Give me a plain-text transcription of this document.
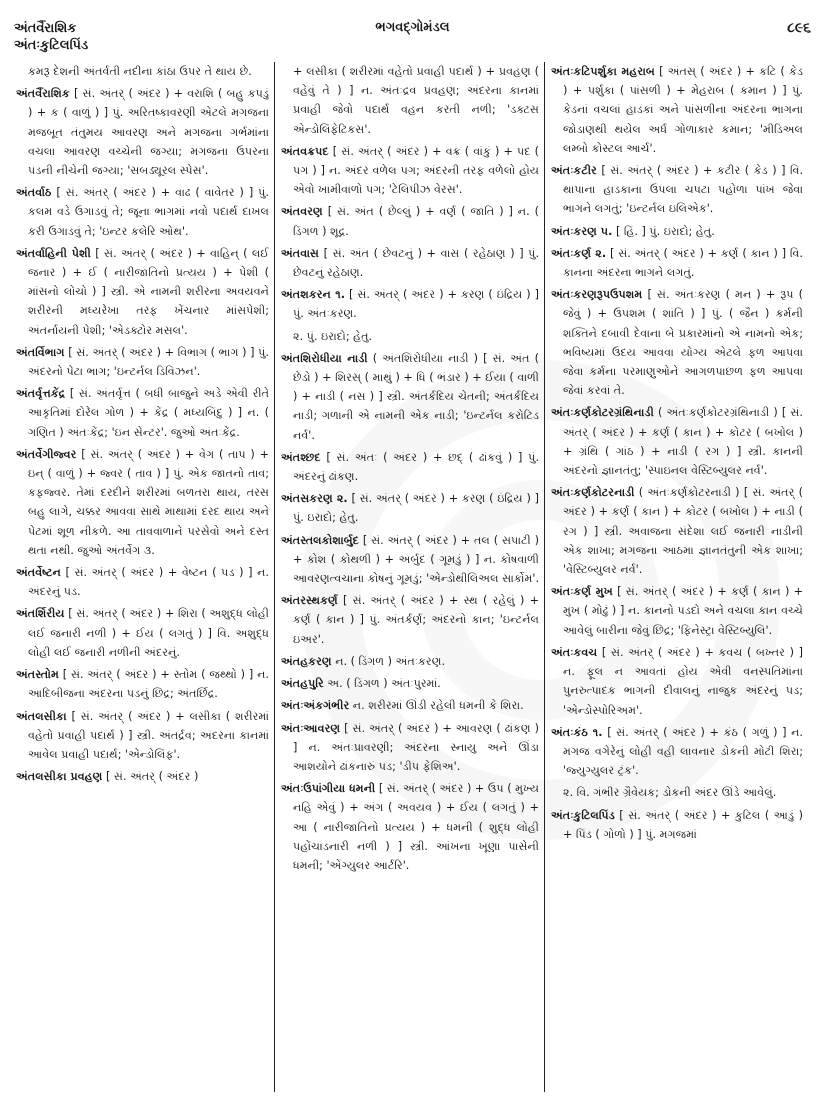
અંતર્વૈરાશિક
અંતઃકુટિલપિંડ
ભગવદ્ગોમંડલ	૮૯૬

કમરૂ દેશની અંતર્વતી નદીના કાંઠા ઉપર તે થાય છે.

અંતર્વૈરાશિક [ સં. અંતર્ ( અંદર ) + વરાશિ ( બહુ કપડું ) + ક ( વાળું ) ] પું. અરિતષ્કાવરણી એટલે મગજના મજબૂત તંતુમય આવરણ અને મગજના ગર્ભમાંના વચલા આવરણ વચ્ચેની જગ્યા; મગજના ઉપરના પડની નીચેની જગ્યા; 'સબડ્યૂરલ સ્પેસ'.

અંતર્વાઠ [ સં. અંતર્ ( અંદર ) + વાઢ ( વાવેતર ) ] પું. કલમ વડે ઉગાડવું તે; જૂના ભાગમાં નવો પદાર્થ દાખલ કરી ઉગાડવું તે; 'ઇન્ટર કલેરિ ઓથ'.

અંતર્વાહિની પેશી [ સં. અંતર્ ( અંદર ) + વાહિન્ ( લઈ જનાર ) + ઈ ( નારીજાતિનો પ્રત્યય ) + પેશી ( માંસનો લોચો ) ] સ્ત્રી. એ નામની શરીરના અવયવને શરીરની મધ્યરેખા તરફ ખેંચનાર માંસપેશી; અંતર્નાયની પેશી; 'એડક્ટોર મસલ'.

અંતર્વિભાગ [ સં. અંતર્ ( અંદર ) + વિભાગ ( ભાગ ) ] પું. અંદરનો પેટા ભાગ; 'ઇન્ટર્નલ ડિવિઝન'.

અંતર્વૃત્તકેંદ્ર [ સં. અંતર્વૃત્ત ( બધી બાજુને અડે એવી રીતે આકૃતિમાં દોરેલ ગોળ ) + કેંદ્ર ( મધ્યબિંદુ ) ] ન. ( ગણિત ) અંતઃકેંદ્ર; 'ઇન સેન્ટર'. જુઓ અંતઃકેંદ્ર.

અંતર્વેગીજ્વર [ સં. અંતર્ ( અંદર ) + વેગ ( તાપ ) + ઇન્ ( વાળું ) + જ્વર ( તાવ ) ] પું. એક જાતનો તાવ; કફજ્વર. તેમાં દરદીને શરીરમાં બળતરા થાય, તરસ બહુ લાગે, ચક્કર આવવા સાથે માથામાં દરદ થાય અને પેટમાં શૂળ નીકળે. આ તાવવાળાને પરસેવો અને દસ્ત થતા નથી. જુઓ અંતર્વેગ ૩.

અંતર્વેષ્ટન [ સં. અંતર્ ( અંદર ) + વેષ્ટન ( પડ ) ] ન. અંદરનું પડ.

અંતર્શિરીય [ સં. અંતર્ ( અંદર ) + શિરા ( અશુદ્ધ લોહી લઈ જનારી નળી ) + ઈય ( લગતું ) ] વિ. અશુદ્ધ લોહી લઈ જનારી નળીની અંદરનું.

અંતસ્તોમ [ સં. અંતર્ ( અંદર ) + સ્તોમ ( જથ્થો ) ] ન. આદિબીજના અંદરના પડનું છિદ્ર; અંતર્છિદ્ર.

અંતલસીકા [ સં. અંતર્ ( અંદર ) + લસીકા ( શરીરમાં વહેતો પ્રવાહી પદાર્થ ) ] સ્ત્રી. અંતર્દ્રવ; અંદરના કાનમાં આવેલ પ્રવાહી પદાર્થ; 'એન્ડોલિંફ'.

અંતલસીકા પ્રવહણ [ સં. અંતર્ ( અંદર )

+ લસીકા ( શરીરમાં વહેતો પ્રવાહી પદાર્થ ) + પ્રવહણ ( વહેવું તે ) ] ન. અંતઃદ્રવ પ્રવહણ; અંદરના કાનમાં પ્રવાહી જેવો પદાર્થ વહન કરતી નળી; 'ડક્ટસ એન્ડોલિંફેટિકસ'.

અંતવક્રપદ [ સં. અંતર્ ( અંદર ) + વક્ર ( વાંકું ) + પદ ( પગ ) ] ન. અંદર વળેલ પગ; અંદરની તરફ વળેલો હોય એવો ખામીવાળો પગ; 'ટેલિપીઝ વેરસ'.

અંતવરણ [ સં. અંત ( છેલ્લું ) + વર્ણ ( જાતિ ) ] ન. ( ડિંગળ ) શૂદ્ર.

અંતવાસ [ સં. અંત ( છેવટનું ) + વાસ ( રહેઠાણ ) ] પું. છેવટનું રહેઠાણ.

અંતશકરન ૧. [ સં. અંતર્ ( અંદર ) + કરણ ( ઇંદ્રિય ) ] પું. અંતઃકરણ.

૨. પું. ઇરાદો; હેતુ.

અંતશિરોધીયા નાડી ( અંતશિરોધીયા નાડી ) [ સં. અંત ( છેડો ) + શિરસ્ ( માથું ) + ધિ ( ભંડાર ) + ઈયા ( વાળી ) + નાડી ( નસ ) ] સ્ત્રી. અંતર્કદિય ચેતની; અંતર્કદિય નાડી; ગળાની એ નામની એક નાડી; 'ઇન્ટર્નલ કરોટિડ નર્વ'.

અંતશ્છદ [ સં. અંતઃ ( અંદર ) + છદ્ ( ઢાંકવું ) ] પું. અંદરનું ઢાંકણ.

અંતસકરણ ૨. [ સં. અંતર્ ( અંદર ) + કરણ ( ઇંદ્રિય ) ] પું. ઇરાદો; હેતુ.

અંતસ્તલકોશાર્બુદ [ સં. અંતર્ ( અંદર ) + તલ ( સપાટી ) + કોશ ( કોથળી ) + અર્બુદ ( ગૂમડું ) ] ન. કોષવાળી આવરણત્વચાના કોષનું ગૂમડું; 'એન્ડોથીલિઅલ સાર્કોમ'.

અંતરસ્થકર્ણ [ સં. અંતર્ ( અંદર ) + સ્થ ( રહેલું ) + કર્ણ ( કાન ) ] પું. અંતર્કર્ણ; અંદરનો કાન; 'ઇન્ટર્નલ ઇઅર'.

અંતહકરણ ન. ( ડિંગળ ) અંતઃકરણ.

અંતહપુરિ અ. ( ડિંગળ ) અંતઃપુરમાં.

અંતઃઅંકગંભીર ન. શરીરમાં ઊંડી રહેલી ધમની કે શિરા.

અંતઃઆવરણ [ સં. અંતર્ ( અંદર ) + આવરણ ( ઢાંકણ ) ] ન. અંતઃપ્રાવરણી; અંદરના સ્નાયુ અને ઊંડા આશયોને ઢાંકનારું પડ; 'ડીપ ફેશિઅ'.

અંતઃઉપાંગીયા ધમની [ સં. અંતર્ ( અંદર ) + ઉપ ( મુખ્ય નહિ એવું ) + અંગ ( અવયવ ) + ઈય ( લગતું ) + આ ( નારીજાતિનો પ્રત્યય ) + ધમની ( શુદ્ધ લોહી પહોંચાડનારી નળી ) ] સ્ત્રી. આંખના ખૂણા પાસેની ધમની; 'એંગ્યુલર આર્ટરિ'.

અંતઃકટિપર્શુકા મહરાબ [ અંતસ્ ( અંદર ) + કટિ ( કેડ ) + પર્શુકા ( પાંસળી ) + મેહરાબ ( કમાન ) ] પું. કેડનાં વચલાં હાડકાં અને પાંસળીના અંદરના ભાગના જોડાણથી થયેલ અર્ધ ગોળાકાર કમાન; 'મીડિઅલ લમ્બો કોસ્ટલ આર્ચ'.

અંતઃકટીર [ સં. અંતર્ ( અંદર ) + કટીર ( કેડ ) ] વિ. થાપાના હાડકાના ઉપલા ચપટા પહોળા પાંખ જેવા ભાગને લગતું; 'ઇન્ટર્નલ ઇલિએક'.

અંતઃકરણ ૫. [ હિં. ] પું. ઇરાદો; હેતુ.

અંતઃકર્ણ ૨. [ સં. અંતર્ ( અંદર ) + કર્ણ ( કાન ) ] વિ. કાનના અંદરના ભાગને લગતું.

અંતઃકરણરૂપઉપશમ [ સં. અંતઃકરણ ( મન ) + રૂપ ( જેવું ) + ઉપશમ ( શાંતિ ) ] પું. ( જૈન ) કર્મની શક્તિને દબાવી દેવાના બે પ્રકારમાંનો એ નામનો એક; ભવિષ્યમાં ઉદય આવવા યોગ્ય એટલે ફળ આપવા જેવા કર્મના પરમાણુઓને આગળપાછળ ફળ આપવા જેવાં કરવાં તે.

અંતઃકર્ણકોટરગ્રંથિનાડી ( અંતઃકર્ણકોટરગ્રંથિનાડી ) [ સં. અંતર્ ( અંદર ) + કર્ણ ( કાન ) + કોટર ( બખોલ ) + ગ્રંથિ ( ગાંઠ ) + નાડી ( રગ ) ] સ્ત્રી. કાનની અંદરનો જ્ઞાનતંતુ; 'સ્પાઇનલ વેસ્ટિબ્યુલર નર્વ'.

અંતઃકર્ણકોટરનાડી ( અંતઃકર્ણકોટરનાડી ) [ સં. અંતર્ ( અંદર ) + કર્ણ ( કાન ) + કોટર ( બખોલ ) + નાડી ( રગ ) ] સ્ત્રી. અવાજના સંદેશા લઈ જનારી નાડીની એક શાખા; મગજના આઠમા જ્ઞાનતંતુની એક શાખા; 'વેસ્ટિબ્યુલર નર્વ'.

અંતઃકર્ણ મુખ [ સં. અંતર્ ( અંદર ) + કર્ણ ( કાન ) + મુખ ( મોઢું ) ] ન. કાનનો પડદો અને વચલા કાન વચ્ચે આવેલું બારીના જેવું છિદ્ર; 'ફિનેસ્ટ્રા વેસ્ટિબ્યુલિ'.

અંતઃકવચ [ સં. અંતર્ ( અંદર ) + કવચ ( બખ્તર ) ] ન. ફૂલ ન આવતાં હોય એવી વનસ્પતિમાંના પુનરુત્પાદક ભાગની દીવાલનું નાજુક અંદરનું પડ; 'એન્ડોસ્પોરિઅમ'.

અંતઃકંઠ ૧. [ સં. અંતર્ ( અંદર ) + કંઠ ( ગળું ) ] ન. મગજ વગેરેનું લોહી વહી લાવનાર ડોકની મોટી શિરા; 'જ્યુગ્યુલર ટ્રંક'.

૨. વિ. ગંભીર ગ્રૈવેયક; ડોકની અંદર ઊંડે આવેલું.

અંતઃકુટિલપિંડ [ સં. અંતર્ ( અંદર ) + કુટિલ ( આડું ) + પિંડ ( ગોળો ) ] પું. મગજમાં
